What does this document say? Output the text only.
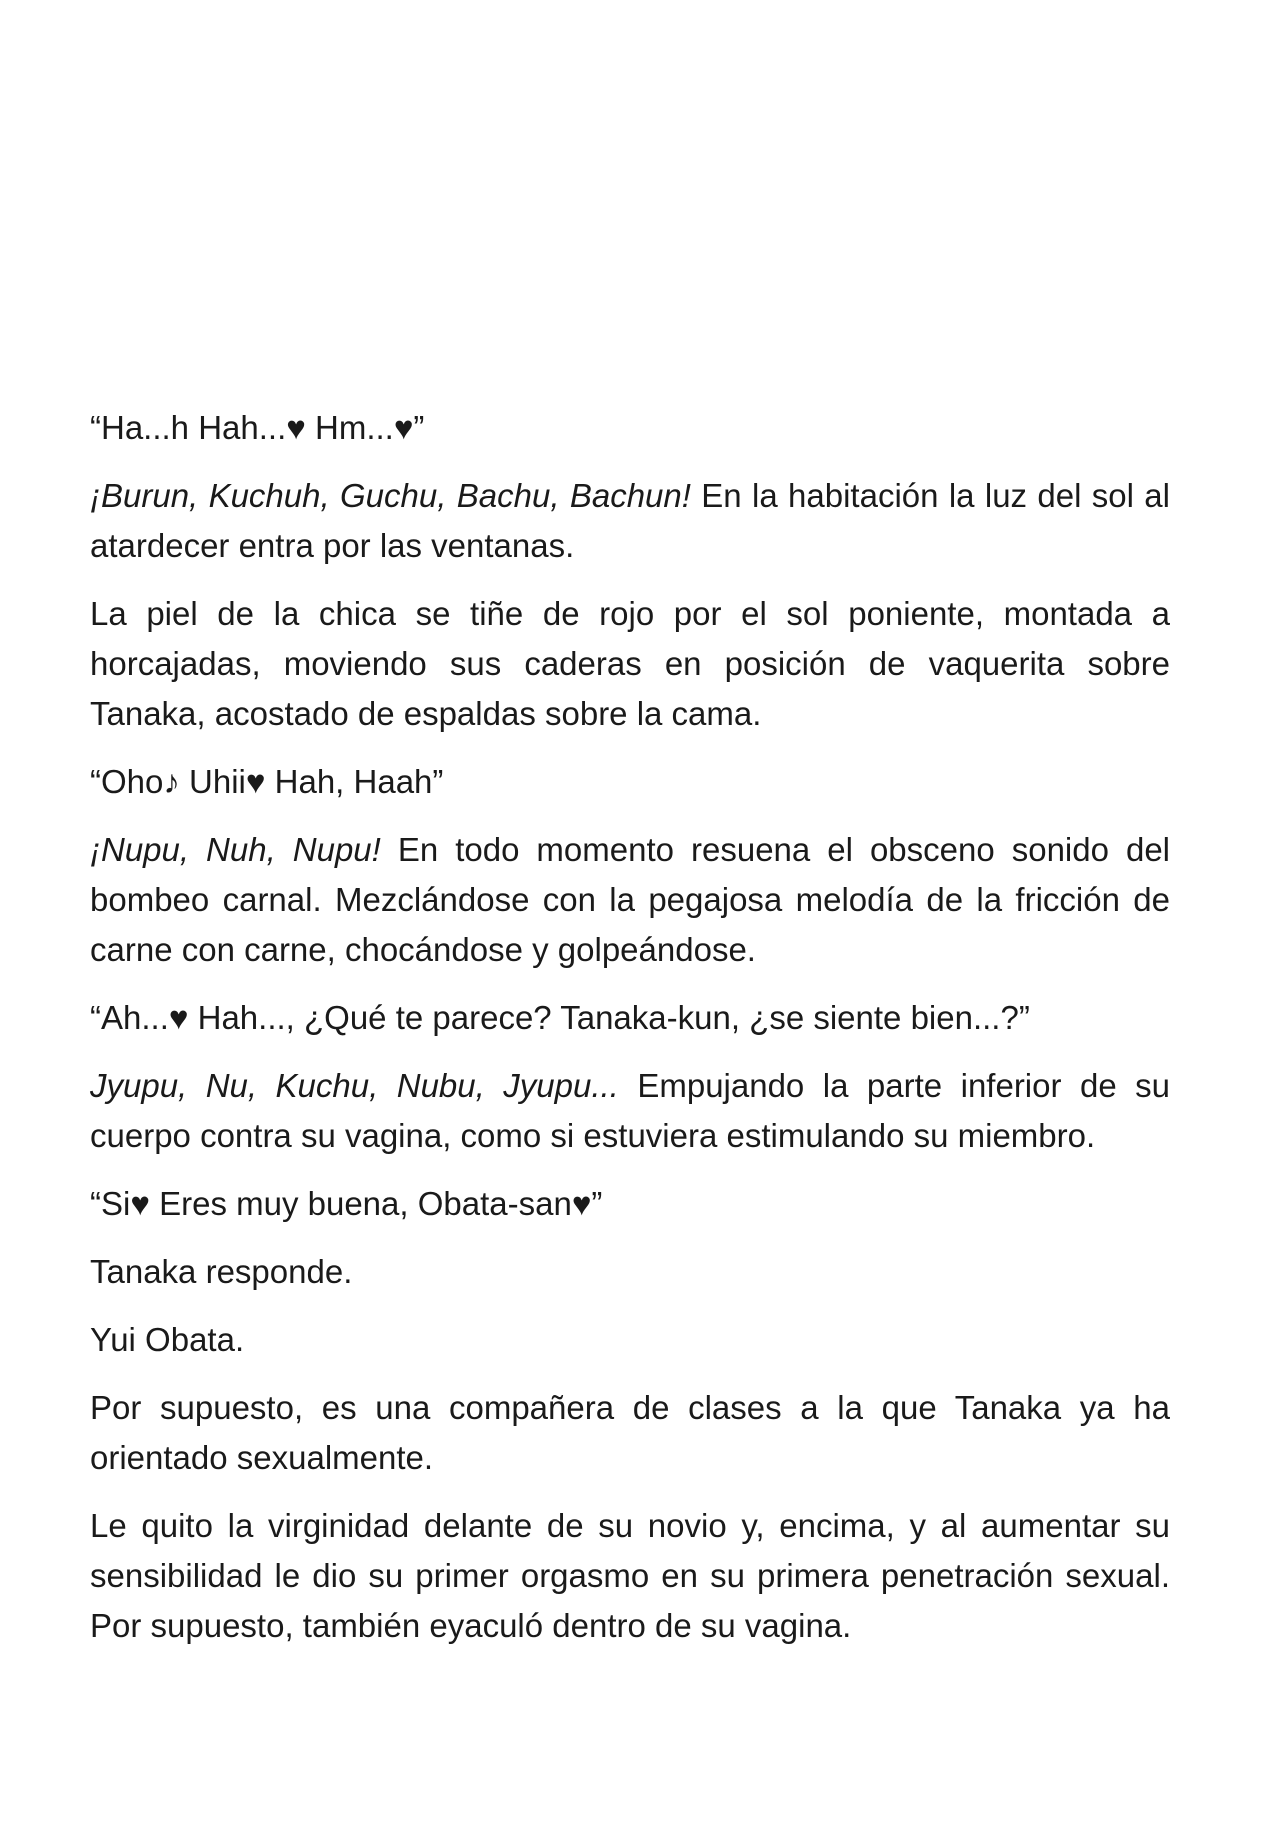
“Ha...h Hah...♥ Hm...♥”

¡Burun, Kuchuh, Guchu, Bachu, Bachun! En la habitación la luz del sol al atardecer entra por las ventanas.

La piel de la chica se tiñe de rojo por el sol poniente, montada a horcajadas, moviendo sus caderas en posición de vaquerita sobre Tanaka, acostado de espaldas sobre la cama.

“Oho♪ Uhii♥ Hah, Haah”

¡Nupu, Nuh, Nupu! En todo momento resuena el obsceno sonido del bombeo carnal. Mezclándose con la pegajosa melodía de la fricción de carne con carne, chocándose y golpeándose.

“Ah...♥ Hah..., ¿Qué te parece? Tanaka-kun, ¿se siente bien...?”

Jyupu, Nu, Kuchu, Nubu, Jyupu... Empujando la parte inferior de su cuerpo contra su vagina, como si estuviera estimulando su miembro.

“Si♥ Eres muy buena, Obata-san♥”

Tanaka responde.

Yui Obata.

Por supuesto, es una compañera de clases a la que Tanaka ya ha orientado sexualmente.

Le quito la virginidad delante de su novio y, encima, y al aumentar su sensibilidad le dio su primer orgasmo en su primera penetración sexual. Por supuesto, también eyaculó dentro de su vagina.
